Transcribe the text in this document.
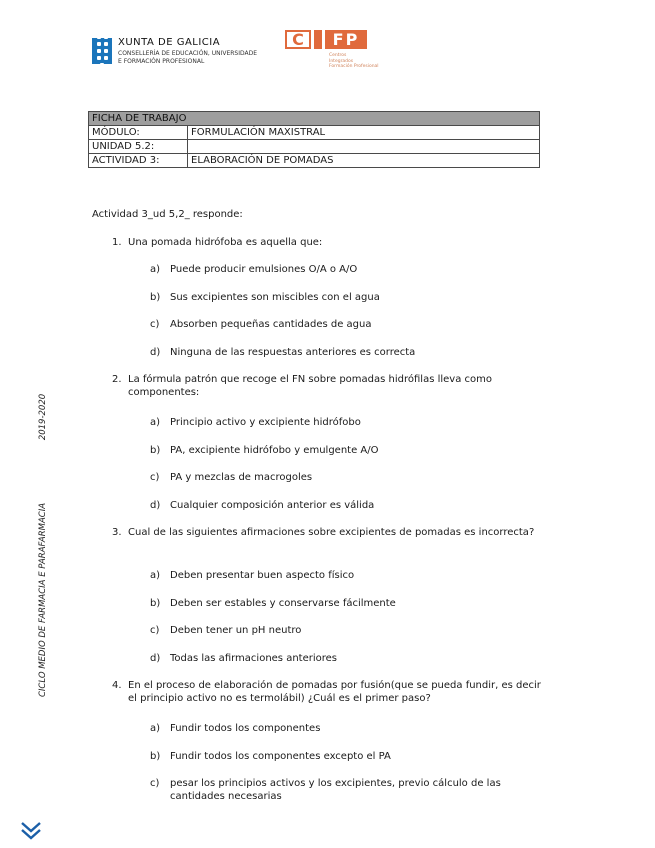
XUNTA DE GALICIA
CONSELLERÍA DE EDUCACIÓN, UNIVERSIDADE
E FORMACIÓN PROFESIONAL
C	FP
Centros
Integrados
Formación Profesional
FICHA DE TRABAJO	
MÓDULO:	FORMULACIÓN MAXISTRAL
UNIDAD 5.2:	
ACTIVIDAD 3:	ELABORACIÓN DE POMADAS
Actividad 3_ud 5,2_ responde:
1. Una pomada hidrófoba es aquella que:
a) Puede producir emulsiones O/A o A/O
b) Sus excipientes son miscibles con el agua
c) Absorben pequeñas cantidades de agua
d) Ninguna de las respuestas anteriores es correcta
2. La fórmula patrón que recoge el FN sobre pomadas hidrófilas lleva como componentes:
a) Principio activo y excipiente hidrófobo
b) PA, excipiente hidrófobo y emulgente A/O
c) PA y mezclas de macrogoles
d) Cualquier composición anterior es válida
3. Cual de las siguientes afirmaciones sobre excipientes de pomadas es incorrecta?
a) Deben presentar buen aspecto físico
b) Deben ser estables y conservarse fácilmente
c) Deben tener un pH neutro
d) Todas las afirmaciones anteriores
4. En el proceso de elaboración de pomadas por fusión(que se pueda fundir, es decir el principio activo no es termolábil) ¿Cuál es el primer paso?
a) Fundir todos los componentes
b) Fundir todos los componentes excepto el PA
c) pesar los principios activos y los excipientes, previo cálculo de las cantidades necesarias
2019-2020
CICLO MEDIO DE FARMACIA E PARAFARMACIA
